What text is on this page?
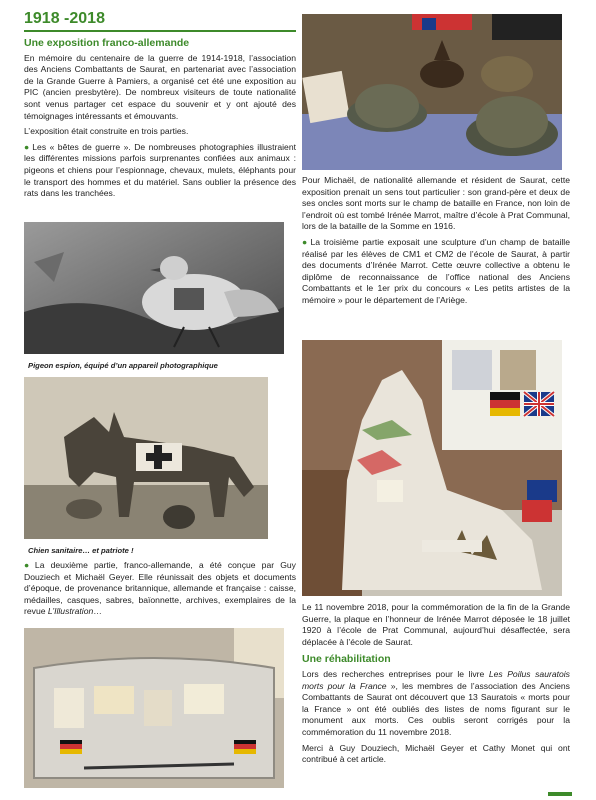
1918 -2018
Une exposition franco-allemande

En mémoire du centenaire de la guerre de 1914-1918, l’association des Anciens Combattants de Saurat, en partenariat avec l’association de la Grande Guerre à Pamiers, a organisé cet été une exposition au PIC (ancien presbytère). De nombreux visiteurs de toute nationalité sont venus partager cet espace du souvenir et y ont ajouté des témoignages intéressants et émouvants.

L’exposition était construite en trois parties.

● Les « bêtes de guerre ». De nombreuses photographies illustraient les différentes missions parfois surprenantes confiées aux animaux : pigeons et chiens pour l’espionnage, chevaux, mulets, éléphants pour le transport des hommes et du matériel. Sans oublier la présence des rats dans les tranchées.

Pigeon espion, équipé d’un appareil photographique
Chien sanitaire… et patriote !

● La deuxième partie, franco-allemande, a été conçue par Guy Douziech et Michaël Geyer. Elle réunissait des objets et documents d’époque, de provenance britannique, allemande et française : caisse, médailles, casques, sabres, baïonnette, archives, exemplaires de la revue L’Illustration…

Pour Michaël, de nationalité allemande et résident de Saurat, cette exposition prenait un sens tout particulier : son grand-père et deux de ses oncles sont morts sur le champ de bataille en France, non loin de l’endroit où est tombé Irénée Marrot, maître d’école à Prat Communal, lors de la bataille de la Somme en 1916.

● La troisième partie exposait une sculpture d’un champ de bataille réalisé par les élèves de CM1 et CM2 de l’école de Saurat, à partir des documents d’Irénée Marrot. Cette œuvre collective a obtenu le diplôme de reconnaissance de l’office national des Anciens Combattants et le 1er prix du concours « Les petits artistes de la mémoire » pour le département de l’Ariège.

Le 11 novembre 2018, pour la commémoration de la fin de la Grande Guerre, la plaque en l’honneur de Irénée Marrot déposée le 18 juillet 1920 à l’école de Prat Communal, aujourd’hui désaffectée, sera déplacée à l’école de Saurat.

Une réhabilitation

Lors des recherches entreprises pour le livre Les Poilus sauratois morts pour la France », les membres de l’association des Anciens Combattants de Saurat ont découvert que 13 Sauratois « morts pour la France » ont été oubliés des listes de noms figurant sur le monument aux morts. Ces oublis seront corrigés pour la commémoration du 11 novembre 2018.

Merci à Guy Douziech, Michaël Geyer et Cathy Monet qui ont contribué à cet article.
